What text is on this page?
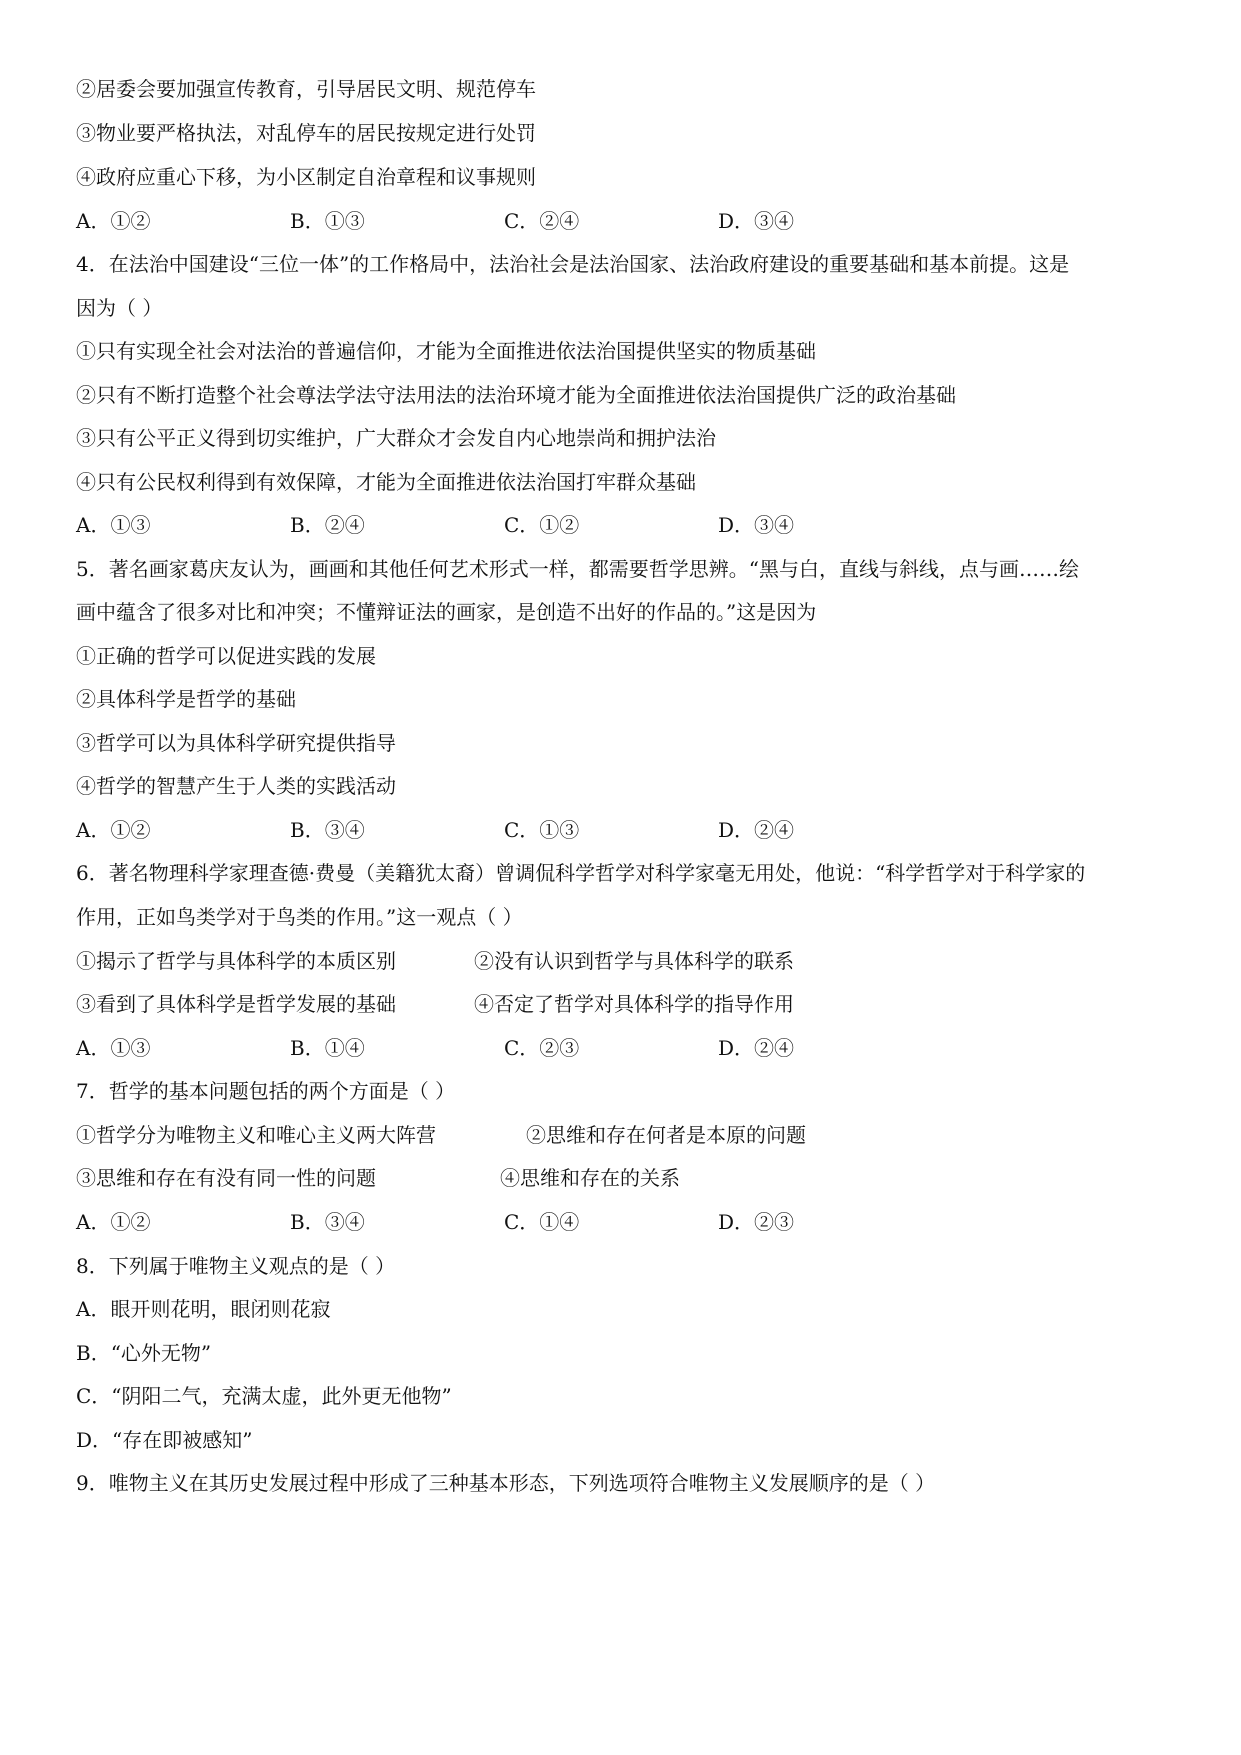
②居委会要加强宣传教育，引导居民文明、规范停车
③物业要严格执法，对乱停车的居民按规定进行处罚
④政府应重心下移，为小区制定自治章程和议事规则
A．①②	B．①③	C．②④	D．③④
4．在法治中国建设“三位一体”的工作格局中，法治社会是法治国家、法治政府建设的重要基础和基本前提。这是
因为（ ）
①只有实现全社会对法治的普遍信仰，才能为全面推进依法治国提供坚实的物质基础
②只有不断打造整个社会尊法学法守法用法的法治环境才能为全面推进依法治国提供广泛的政治基础
③只有公平正义得到切实维护，广大群众才会发自内心地崇尚和拥护法治
④只有公民权利得到有效保障，才能为全面推进依法治国打牢群众基础
A．①③	B．②④	C．①②	D．③④
5．著名画家葛庆友认为，画画和其他任何艺术形式一样，都需要哲学思辨。“黑与白，直线与斜线，点与画……绘
画中蕴含了很多对比和冲突；不懂辩证法的画家，是创造不出好的作品的。”这是因为
①正确的哲学可以促进实践的发展
②具体科学是哲学的基础
③哲学可以为具体科学研究提供指导
④哲学的智慧产生于人类的实践活动
A．①②	B．③④	C．①③	D．②④
6．著名物理科学家理查德·费曼（美籍犹太裔）曾调侃科学哲学对科学家毫无用处，他说：“科学哲学对于科学家的
作用，正如鸟类学对于鸟类的作用。”这一观点（ ）
①揭示了哲学与具体科学的本质区别	②没有认识到哲学与具体科学的联系
③看到了具体科学是哲学发展的基础	④否定了哲学对具体科学的指导作用
A．①③	B．①④	C．②③	D．②④
7．哲学的基本问题包括的两个方面是（ ）
①哲学分为唯物主义和唯心主义两大阵营	②思维和存在何者是本原的问题
③思维和存在有没有同一性的问题	④思维和存在的关系
A．①②	B．③④	C．①④	D．②③
8．下列属于唯物主义观点的是（ ）
A．眼开则花明，眼闭则花寂
B．“心外无物”
C．“阴阳二气，充满太虚，此外更无他物”
D．“存在即被感知”
9．唯物主义在其历史发展过程中形成了三种基本形态，下列选项符合唯物主义发展顺序的是（ ）
